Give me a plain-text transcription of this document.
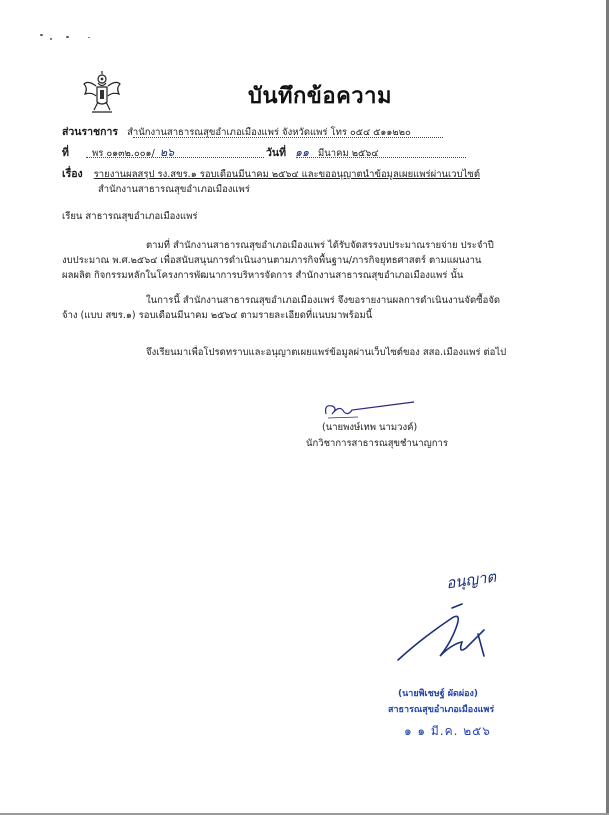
บันทึกข้อความ
ส่วนราชการ สำนักงานสาธารณสุขอำเภอเมืองแพร่ จังหวัดแพร่ โทร ๐๕๔ ๕๑๑๒๒๐
ที่ พร ๐๑๓๒.๐๐๑/ ๒๖	วันที่ ๑๑ มีนาคม ๒๕๖๔
เรื่อง รายงานผลสรุป รง.สขร.๑ รอบเดือนมีนาคม ๒๕๖๔ และขออนุญาตนำข้อมูลเผยแพร่ผ่านเวบไซต์
สำนักงานสาธารณสุขอำเภอเมืองแพร่
เรียน สาธารณสุขอำเภอเมืองแพร่
ตามที่ สำนักงานสาธารณสุขอำเภอเมืองแพร่ ได้รับจัดสรรงบประมาณรายจ่าย ประจำปี
งบประมาณ พ.ศ.๒๕๖๔ เพื่อสนับสนุนการดำเนินงานตามภารกิจพื้นฐาน/ภารกิจยุทธศาสตร์ ตามแผนงาน
ผลผลิต กิจกรรมหลักในโครงการพัฒนาการบริหารจัดการ สำนักงานสาธารณสุขอำเภอเมืองแพร่ นั้น
ในการนี้ สำนักงานสาธารณสุขอำเภอเมืองแพร่ จึงขอรายงานผลการดำเนินงานจัดซื้อจัด
จ้าง (แบบ สขร.๑) รอบเดือนมีนาคม ๒๕๖๔ ตามรายละเอียดที่แนบมาพร้อมนี้
จึงเรียนมาเพื่อโปรดทราบและอนุญาตเผยแพร่ข้อมูลผ่านเว็บไซต์ของ สสอ.เมืองแพร่ ต่อไป
(นายพงษ์เทพ นามวงค์)
นักวิชาการสาธารณสุขชำนาญการ
อนุญาต
(นายพิเชษฐ์ ผัดผ่อง)
สาธารณสุขอำเภอเมืองแพร่
๑ ๑ มี.ค. ๒๕๖
